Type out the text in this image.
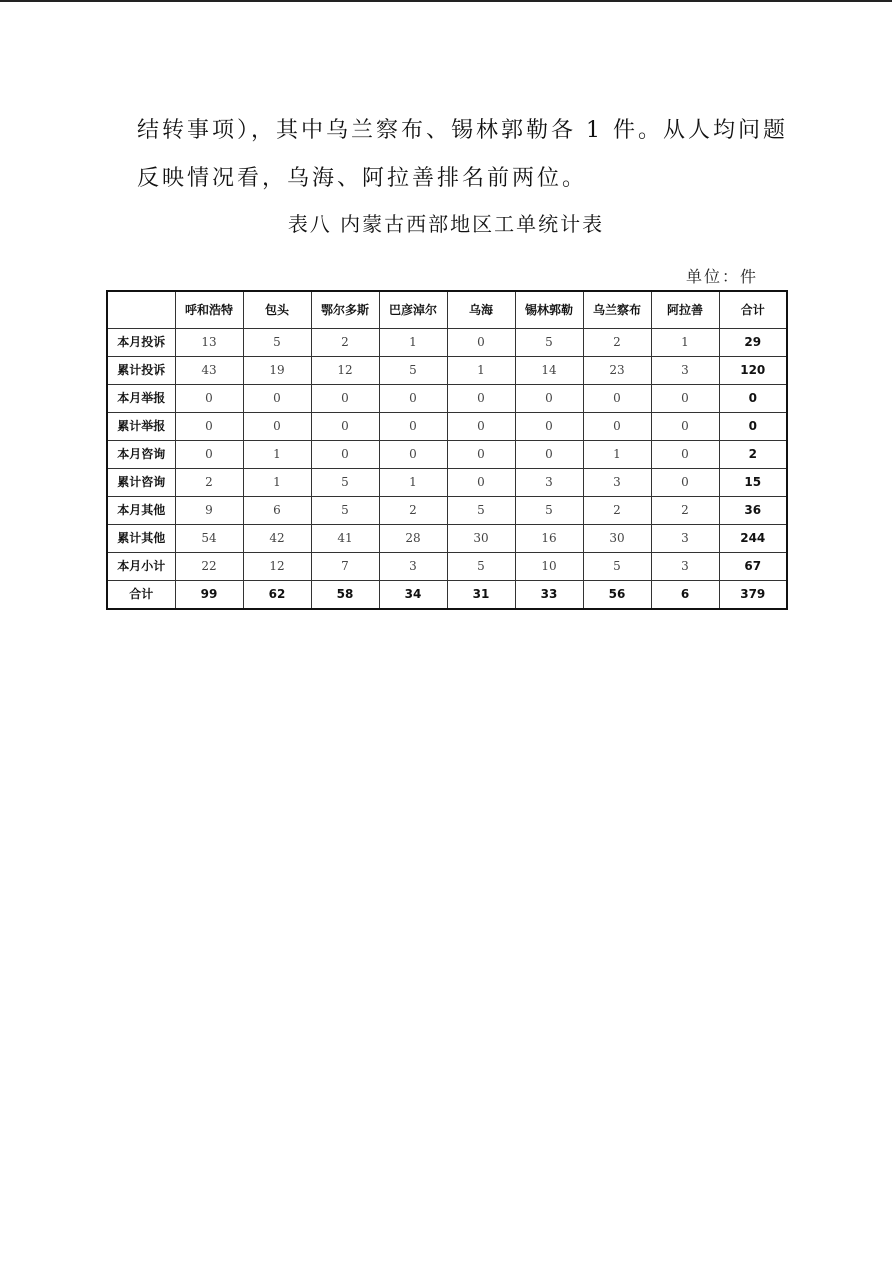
结转事项），其中乌兰察布、锡林郭勒各 1 件。从人均问题
反映情况看，乌海、阿拉善排名前两位。
表八 内蒙古西部地区工单统计表
单位：件
	呼和浩特	包头	鄂尔多斯	巴彦淖尔	乌海	锡林郭勒	乌兰察布	阿拉善	合计
本月投诉	13	5	2	1	0	5	2	1	29
累计投诉	43	19	12	5	1	14	23	3	120
本月举报	0	0	0	0	0	0	0	0	0
累计举报	0	0	0	0	0	0	0	0	0
本月咨询	0	1	0	0	0	0	1	0	2
累计咨询	2	1	5	1	0	3	3	0	15
本月其他	9	6	5	2	5	5	2	2	36
累计其他	54	42	41	28	30	16	30	3	244
本月小计	22	12	7	3	5	10	5	3	67
合计	99	62	58	34	31	33	56	6	379
